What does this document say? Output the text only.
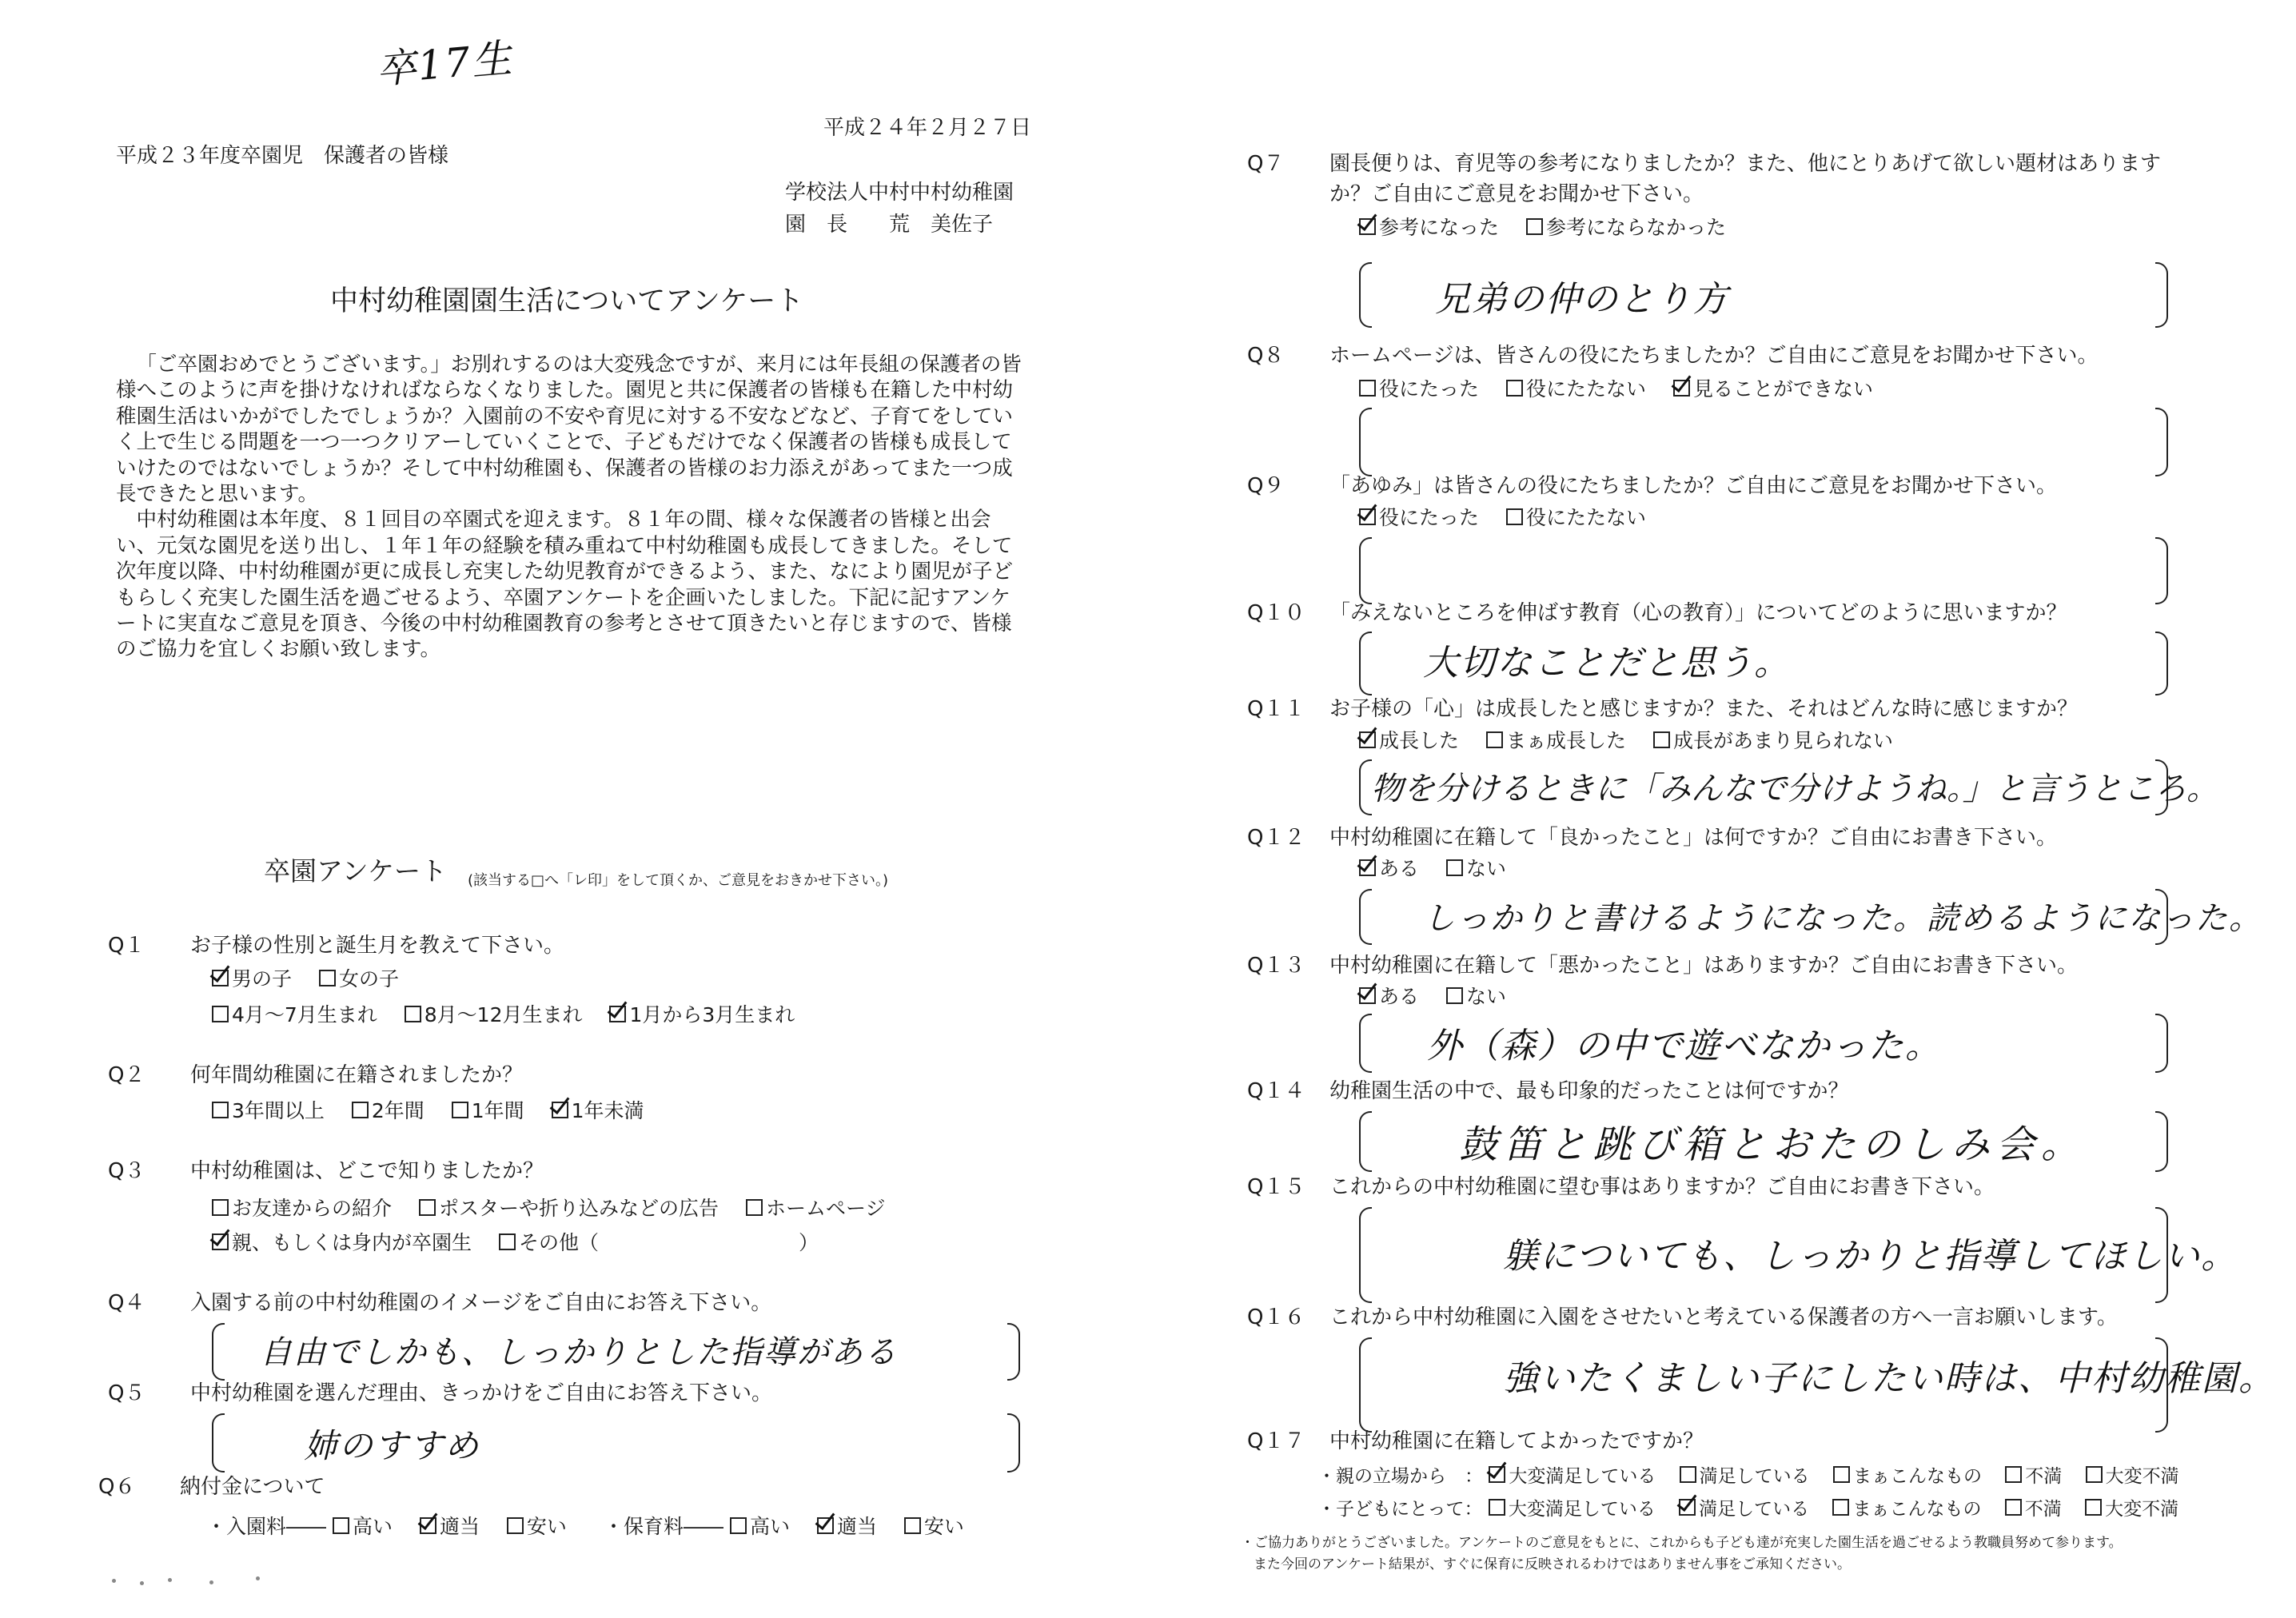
卒17生
平成２４年２月２７日
平成２３年度卒園児　保護者の皆様
学校法人中村中村幼稚園
園　長　　荒　美佐子
中村幼稚園園生活についてアンケート

「ご卒園おめでとうございます。」お別れするのは大変残念ですが、来月には年長組の保護者の皆様へこのように声を掛けなければならなくなりました。園児と共に保護者の皆様も在籍した中村幼稚園生活はいかがでしたでしょうか？入園前の不安や育児に対する不安などなど、子育てをしていく上で生じる問題を一つ一つクリアーしていくことで、子どもだけでなく保護者の皆様も成長していけたのではないでしょうか？そして中村幼稚園も、保護者の皆様のお力添えがあってまた一つ成長できたと思います。

中村幼稚園は本年度、８１回目の卒園式を迎えます。８１年の間、様々な保護者の皆様と出会い、元気な園児を送り出し、１年１年の経験を積み重ねて中村幼稚園も成長してきました。そして次年度以降、中村幼稚園が更に成長し充実した幼児教育ができるよう、また、なにより園児が子どもらしく充実した園生活を過ごせるよう、卒園アンケートを企画いたしました。下記に記すアンケートに実直なご意見を頂き、今後の中村幼稚園教育の参考とさせて頂きたいと存じますので、皆様のご協力を宜しくお願い致します。

卒園アンケート (該当する□へ「レ印」をして頂くか、ご意見をおきかせ下さい。)
Q１	お子様の性別と誕生月を教えて下さい。
男の子 女の子
4月～7月生まれ 8月～12月生まれ 1月から3月生まれ
Q２	何年間幼稚園に在籍されましたか？
3年間以上 2年間 1年間 1年未満
Q３	中村幼稚園は、どこで知りましたか？
お友達からの紹介 ポスターや折り込みなどの広告 ホームページ
親、もしくは身内が卒園生 その他（　　　　　　　　　　）
Q４	入園する前の中村幼稚園のイメージをご自由にお答え下さい。
自由でしかも、しっかりとした指導がある
Q５	中村幼稚園を選んだ理由、きっかけをご自由にお答え下さい。
姉のすすめ
Q６	納付金について
・入園料―― 高い 適当 安い	・保育料―― 高い 適当 安い
Q７	園長便りは、育児等の参考になりましたか？また、他にとりあげて欲しい題材はあります
か？ご自由にご意見をお聞かせ下さい。
参考になった 参考にならなかった
兄弟の仲のとり方
Q８	ホームページは、皆さんの役にたちましたか？ご自由にご意見をお聞かせ下さい。
役にたった 役にたたない 見ることができない
Q９	「あゆみ」は皆さんの役にたちましたか？ご自由にご意見をお聞かせ下さい。
役にたった 役にたたない
Q１０	「みえないところを伸ばす教育（心の教育）」についてどのように思いますか？
大切なことだと思う。
Q１１	お子様の「心」は成長したと感じますか？また、それはどんな時に感じますか？
成長した まぁ成長した 成長があまり見られない
物を分けるときに「みんなで分けようね。」と言うところ。
Q１２	中村幼稚園に在籍して「良かったこと」は何ですか？ご自由にお書き下さい。
ある ない
しっかりと書けるようになった。読めるようになった。
Q１３	中村幼稚園に在籍して「悪かったこと」はありますか？ご自由にお書き下さい。
ある ない
外（森）の中で遊べなかった。
Q１４	幼稚園生活の中で、最も印象的だったことは何ですか？
鼓笛と跳び箱とおたのしみ会。
Q１５	これからの中村幼稚園に望む事はありますか？ご自由にお書き下さい。
躾についても、しっかりと指導してほしい。
Q１６	これから中村幼稚園に入園をさせたいと考えている保護者の方へ一言お願いします。
強いたくましい子にしたい時は、中村幼稚園。
Q１７	中村幼稚園に在籍してよかったですか？
・親の立場から　： 大変満足している 満足している まぁこんなもの 不満 大変不満
・子どもにとって： 大変満足している 満足している まぁこんなもの 不満 大変不満
・ご協力ありがとうございました。アンケートのご意見をもとに、これからも子ども達が充実した園生活を過ごせるよう教職員努めて参ります。
また今回のアンケート結果が、すぐに保育に反映されるわけではありません事をご承知ください。
